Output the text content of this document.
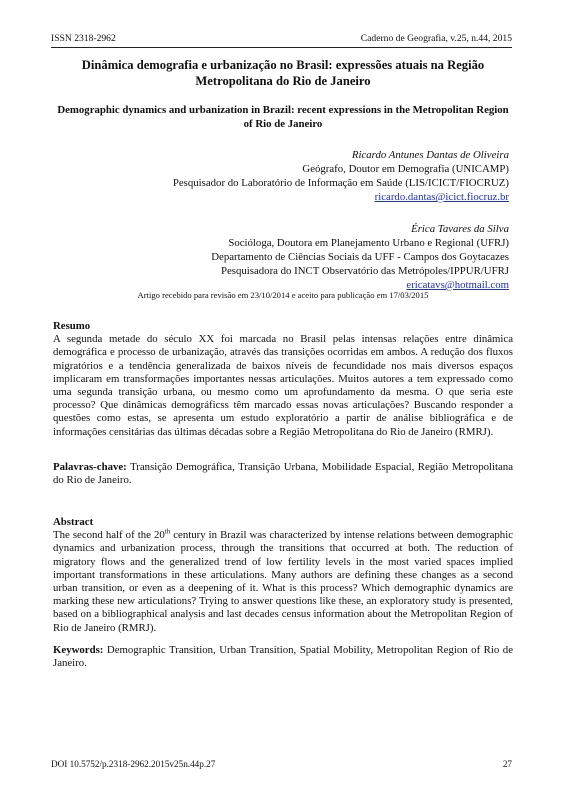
ISSN 2318-2962	Caderno de Geografia, v.25, n.44, 2015
Dinâmica demografia e urbanização no Brasil: expressões atuais na Região Metropolitana do Rio de Janeiro
Demographic dynamics and urbanization in Brazil: recent expressions in the Metropolitan Region of Rio de Janeiro
Ricardo Antunes Dantas de Oliveira
Geógrafo, Doutor em Demografia (UNICAMP)
Pesquisador do Laboratório de Informação em Saúde (LIS/ICICT/FIOCRUZ)
ricardo.dantas@icict.fiocruz.br
Érica Tavares da Silva
Socióloga, Doutora em Planejamento Urbano e Regional (UFRJ)
Departamento de Ciências Sociais da UFF - Campos dos Goytacazes
Pesquisadora do INCT Observatório das Metrópoles/IPPUR/UFRJ
ericatavs@hotmail.com
Artigo recebido para revisão em 23/10/2014 e aceito para publicação em 17/03/2015
Resumo
A segunda metade do século XX foi marcada no Brasil pelas intensas relações entre dinâmica demográfica e processo de urbanização, através das transições ocorridas em ambos. A redução dos fluxos migratórios e a tendência generalizada de baixos níveis de fecundidade nos mais diversos espaços implicaram em transformações importantes nessas articulações. Muitos autores a tem expressado como uma segunda transição urbana, ou mesmo como um aprofundamento da mesma. O que seria este processo? Que dinâmicas demográficss têm marcado essas novas articulações? Buscando responder a questões como estas, se apresenta um estudo exploratório a partir de análise bibliográfica e de informações censitárias das últimas décadas sobre a Região Metropolitana do Rio de Janeiro (RMRJ).
Palavras-chave: Transição Demográfica, Transição Urbana, Mobilidade Espacial, Região Metropolitana do Rio de Janeiro.
Abstract
The second half of the 20th century in Brazil was characterized by intense relations between demographic dynamics and urbanization process, through the transitions that occurred at both. The reduction of migratory flows and the generalized trend of low fertility levels in the most varied spaces implied important transformations in these articulations. Many authors are defining these changes as a second urban transition, or even as a deepening of it. What is this process? Which demographic dynamics are marking these new articulations? Trying to answer questions like these, an exploratory study is presented, based on a bibliographical analysis and last decades census information about the Metropolitan Region of Rio de Janeiro (RMRJ).
Keywords: Demographic Transition, Urban Transition, Spatial Mobility, Metropolitan Region of Rio de Janeiro.
DOI 10.5752/p.2318-2962.2015v25n.44p.27	27
